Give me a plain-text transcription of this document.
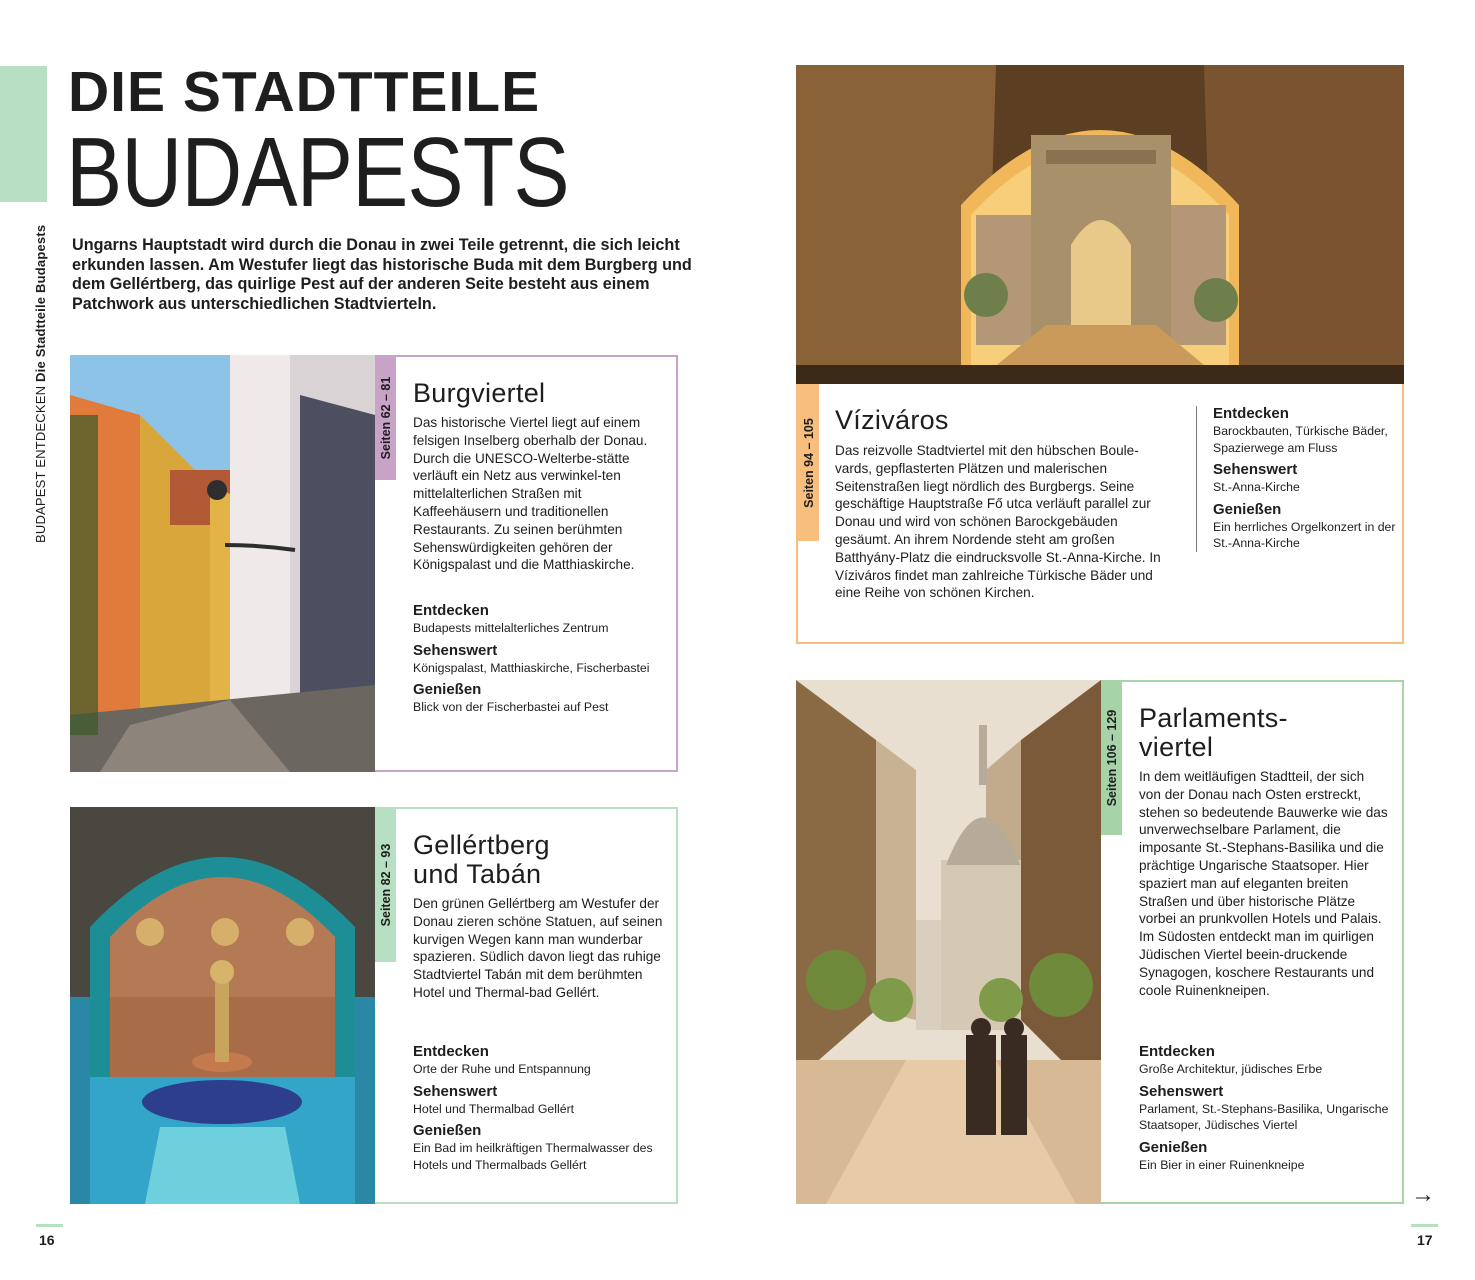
BUDAPEST ENTDECKEN Die Stadtteile Budapests
DIE STADTTEILE
BUDAPESTS
Ungarns Hauptstadt wird durch die Donau in zwei Teile getrennt, die sich leicht erkunden lassen. Am Westufer liegt das historische Buda mit dem Burgberg und dem Gellértberg, das quirlige Pest auf der anderen Seite besteht aus einem Patchwork aus unterschiedlichen Stadtvierteln.
Seiten 62 – 81 Burgviertel
Das historische Viertel liegt auf einem felsigen Inselberg oberhalb der Donau. Durch die UNESCO-Welterbe-stätte verläuft ein Netz aus verwinkel-ten mittelalterlichen Straßen mit Kaffeehäusern und traditionellen Restaurants. Zu seinen berühmten Sehenswürdigkeiten gehören der Königspalast und die Matthiaskirche.
Entdecken
Budapests mittelalterliches Zentrum
Sehenswert
Königspalast, Matthiaskirche, Fischerbastei
Genießen
Blick von der Fischerbastei auf Pest
Seiten 82 – 93 Gellértberg und Tabán
Den grünen Gellértberg am Westufer der Donau zieren schöne Statuen, auf seinen kurvigen Wegen kann man wunderbar spazieren. Südlich davon liegt das ruhige Stadtviertel Tabán mit dem berühmten Hotel und Thermal-bad Gellért.
Entdecken
Orte der Ruhe und Entspannung
Sehenswert
Hotel und Thermalbad Gellért
Genießen
Ein Bad im heilkräftigen Thermalwasser des Hotels und Thermalbads Gellért
Seiten 94 – 105 Víziváros
Das reizvolle Stadtviertel mit den hübschen Boule-vards, gepflasterten Plätzen und malerischen Seitenstraßen liegt nördlich des Burgbergs. Seine geschäftige Hauptstraße Fő utca verläuft parallel zur Donau und wird von schönen Barockgebäuden gesäumt. An ihrem Nordende steht am großen Batthyány-Platz die eindrucksvolle St.-Anna-Kirche. In Víziváros findet man zahlreiche Türkische Bäder und eine Reihe von schönen Kirchen.
Entdecken
Barockbauten, Türkische Bäder, Spazierwege am Fluss
Sehenswert
St.-Anna-Kirche
Genießen
Ein herrliches Orgelkonzert in der St.-Anna-Kirche
Seiten 106 – 129 Parlaments-viertel
In dem weitläufigen Stadtteil, der sich von der Donau nach Osten erstreckt, stehen so bedeutende Bauwerke wie das unverwechselbare Parlament, die imposante St.-Stephans-Basilika und die prächtige Ungarische Staatsoper. Hier spaziert man auf eleganten breiten Straßen und über historische Plätze vorbei an prunkvollen Hotels und Palais. Im Südosten entdeckt man im quirligen Jüdischen Viertel beein-druckende Synagogen, koschere Restaurants und coole Ruinenkneipen.
Entdecken
Große Architektur, jüdisches Erbe
Sehenswert
Parlament, St.-Stephans-Basilika, Ungarische Staatsoper, Jüdisches Viertel
Genießen
Ein Bier in einer Ruinenkneipe
16	17
→
